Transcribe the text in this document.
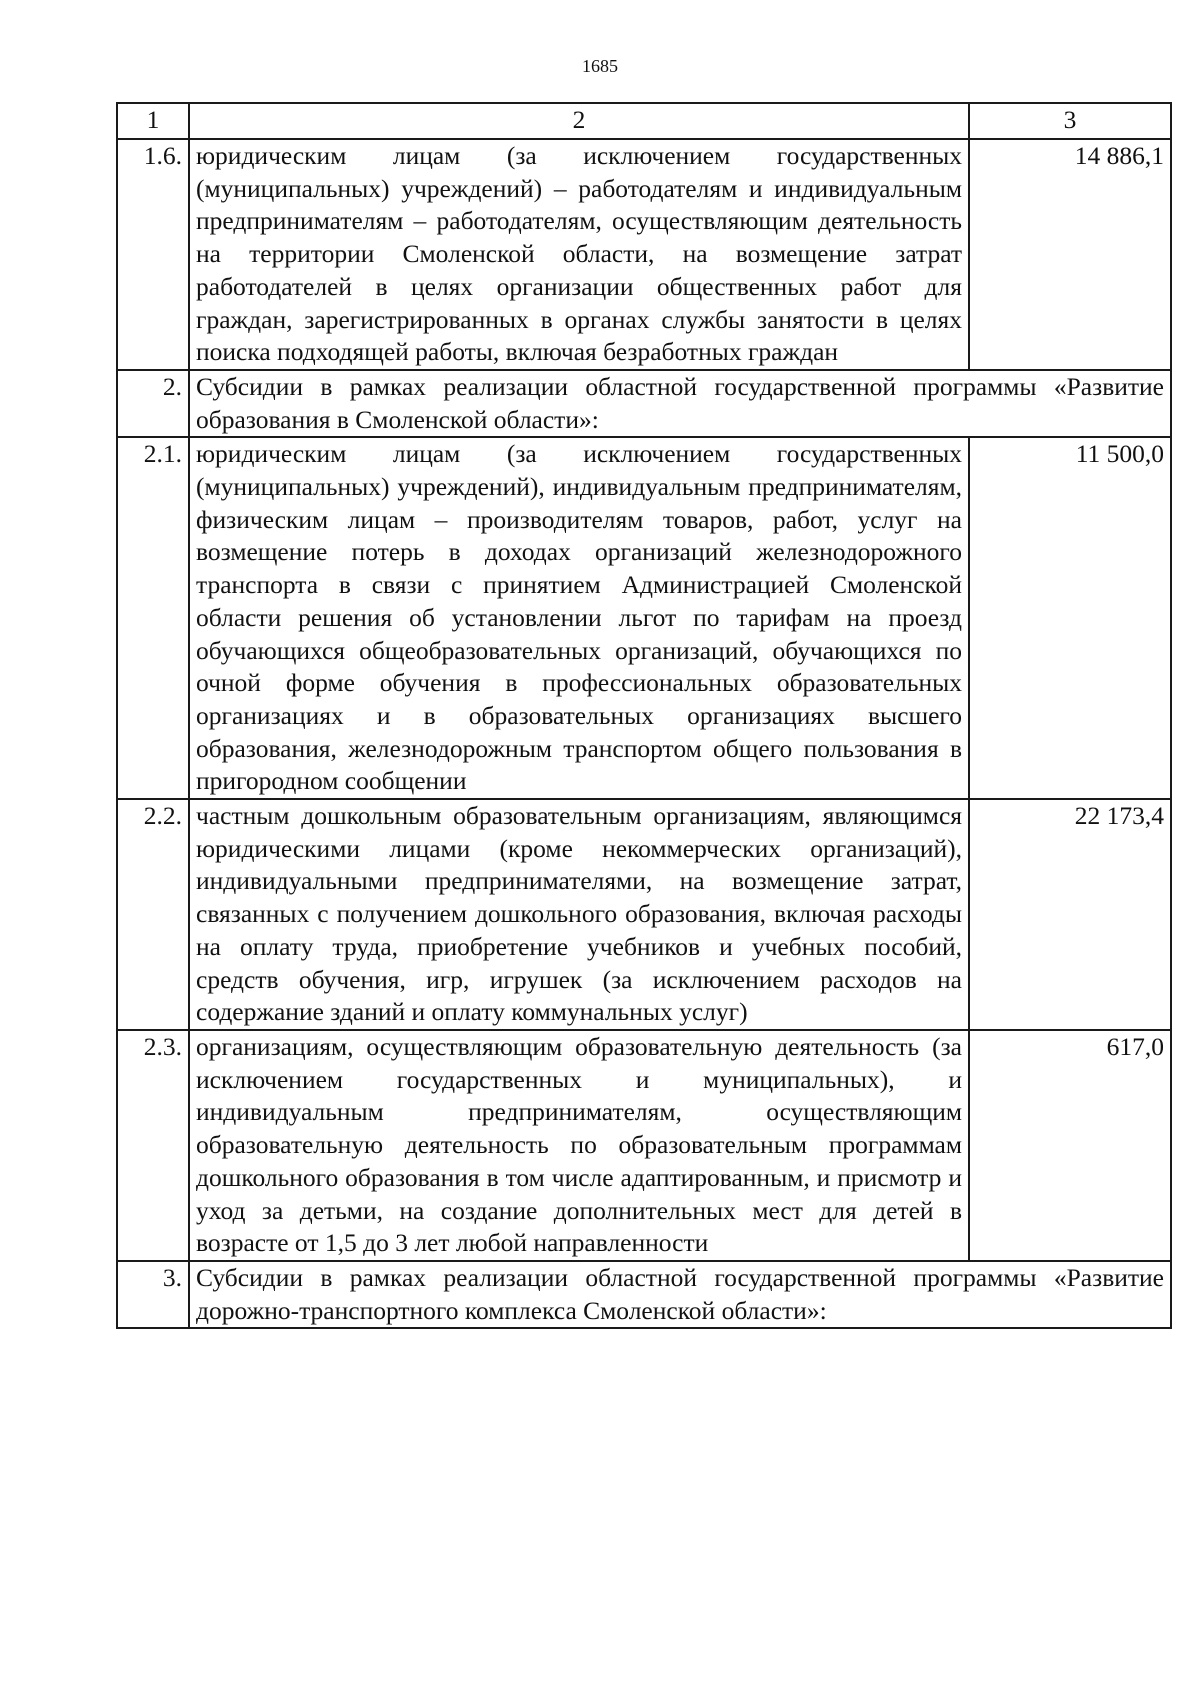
1685
1	2	3
1.6.	юридическим лицам (за исключением государственных (муниципальных) учреждений) – работодателям и индивидуальным предпринимателям – работодателям, осуществляющим деятельность на территории Смоленской области, на возмещение затрат работодателей в целях организации общественных работ для граждан, зарегистрированных в органах службы занятости в целях поиска подходящей работы, включая безработных граждан	14 886,1
2.	Субсидии в рамках реализации областной государственной программы «Развитие образования в Смоленской области»:	
2.1.	юридическим лицам (за исключением государственных (муниципальных) учреждений), индивидуальным предпринимателям, физическим лицам – производителям товаров, работ, услуг на возмещение потерь в доходах организаций железнодорожного транспорта в связи с принятием Администрацией Смоленской области решения об установлении льгот по тарифам на проезд обучающихся общеобразовательных организаций, обучающихся по очной форме обучения в профессиональных образовательных организациях и в образовательных организациях высшего образования, железнодорожным транспортом общего пользования в пригородном сообщении	11 500,0
2.2.	частным дошкольным образовательным организациям, являющимся юридическими лицами (кроме некоммерческих организаций), индивидуальными предпринимателями, на возмещение затрат, связанных с получением дошкольного образования, включая расходы на оплату труда, приобретение учебников и учебных пособий, средств обучения, игр, игрушек (за исключением расходов на содержание зданий и оплату коммунальных услуг)	22 173,4
2.3.	организациям, осуществляющим образовательную деятельность (за исключением государственных и муниципальных), и индивидуальным предпринимателям, осуществляющим образовательную деятельность по образовательным программам дошкольного образования в том числе адаптированным, и присмотр и уход за детьми, на создание дополнительных мест для детей в возрасте от 1,5 до 3 лет любой направленности	617,0
3.	Субсидии в рамках реализации областной государственной программы «Развитие дорожно-транспортного комплекса Смоленской области»:	
